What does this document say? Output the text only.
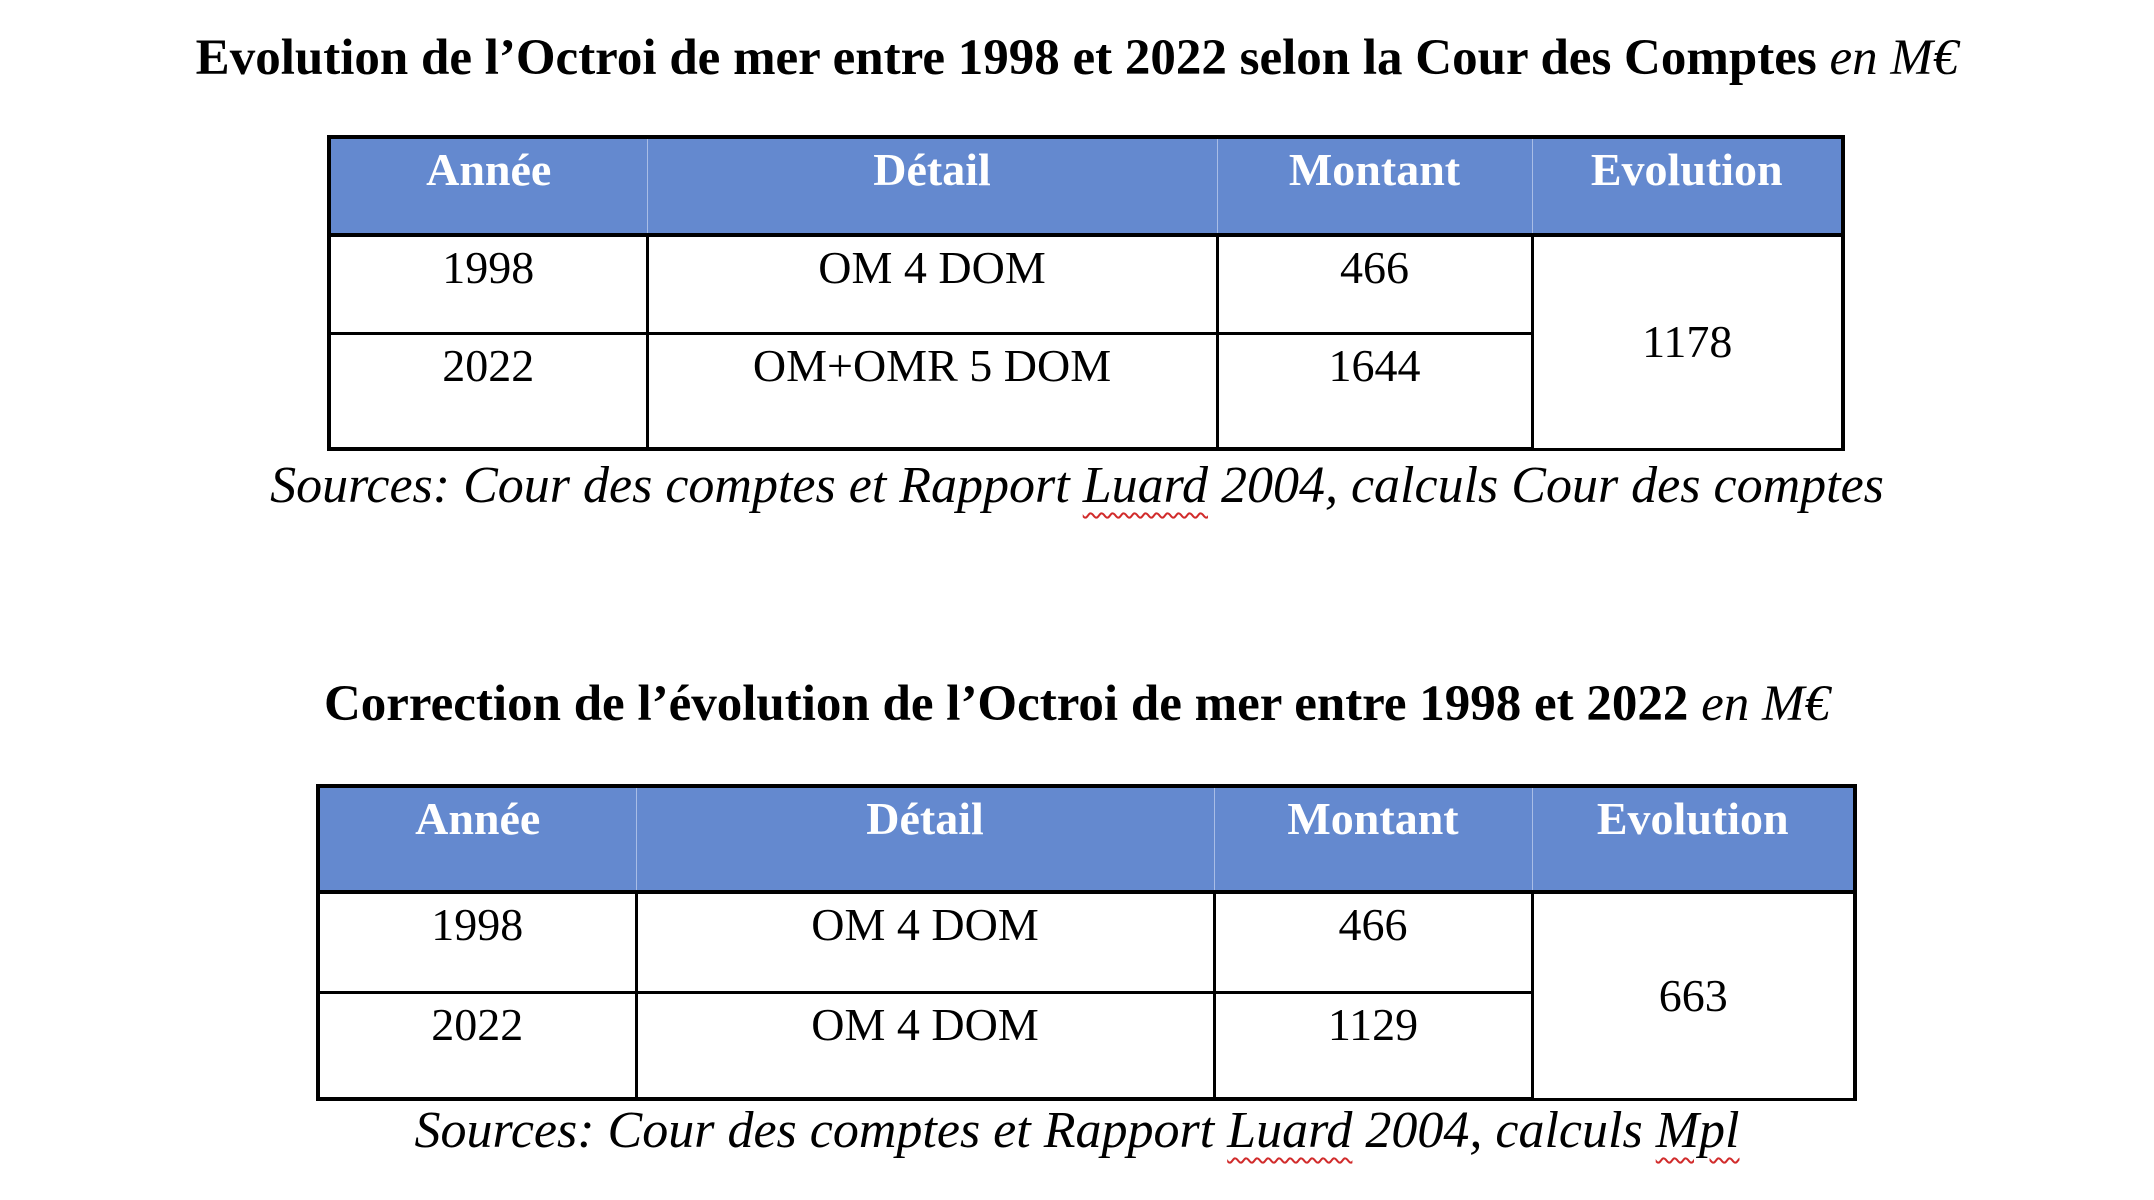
Evolution de l’Octroi de mer entre 1998 et 2022 selon la Cour des Comptes en M€
Année	Détail	Montant	Evolution
1998	OM 4 DOM	466	1178
2022	OM+OMR 5 DOM	1644	
Sources: Cour des comptes et Rapport Luard 2004, calculs Cour des comptes
Correction de l’évolution de l’Octroi de mer entre 1998 et 2022 en M€
Année	Détail	Montant	Evolution
1998	OM 4 DOM	466	663
2022	OM 4 DOM	1129	
Sources: Cour des comptes et Rapport Luard 2004, calculs Mpl
